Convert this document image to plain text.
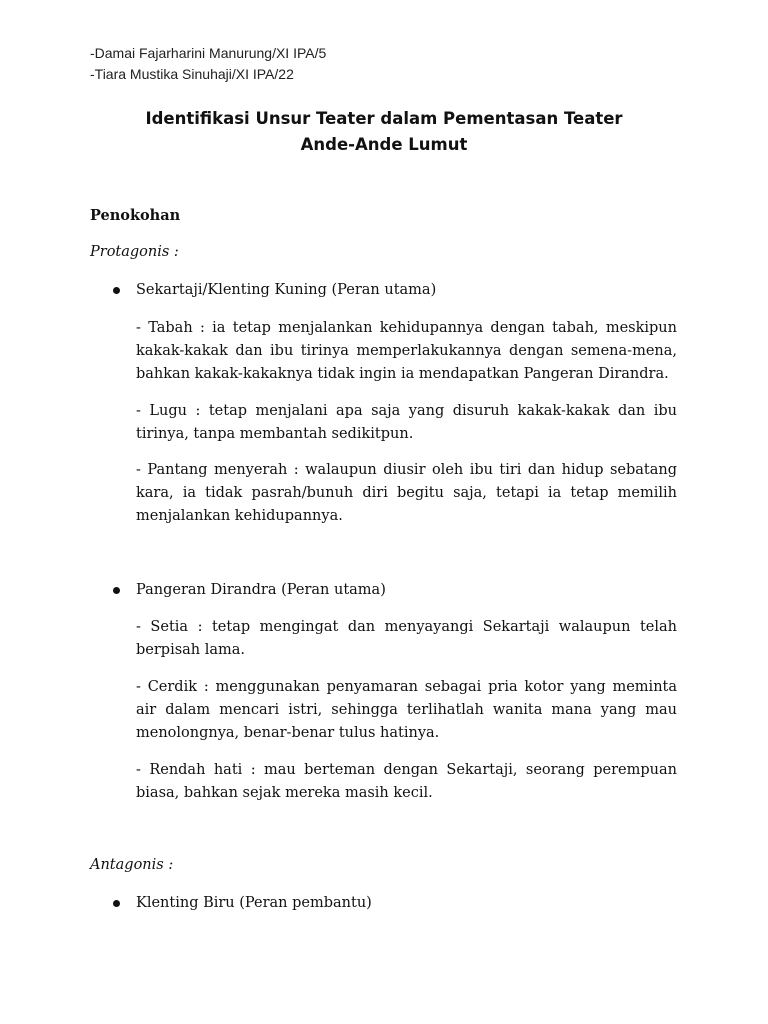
-Damai Fajarharini Manurung/XI IPA/5
-Tiara Mustika Sinuhaji/XI IPA/22
Identifikasi Unsur Teater dalam Pementasan Teater
Ande-Ande Lumut
Penokohan
Protagonis :
Sekartaji/Klenting Kuning (Peran utama)

- Tabah : ia tetap menjalankan kehidupannya dengan tabah, meskipun kakak-kakak dan ibu tirinya memperlakukannya dengan semena-mena, bahkan kakak-kakaknya tidak ingin ia mendapatkan Pangeran Dirandra.

- Lugu : tetap menjalani apa saja yang disuruh kakak-kakak dan ibu tirinya, tanpa membantah sedikitpun.

- Pantang menyerah : walaupun diusir oleh ibu tiri dan hidup sebatang kara, ia tidak pasrah/bunuh diri begitu saja, tetapi ia tetap memilih menjalankan kehidupannya.

Pangeran Dirandra (Peran utama)

- Setia : tetap mengingat dan menyayangi Sekartaji walaupun telah berpisah lama.

- Cerdik : menggunakan penyamaran sebagai pria kotor yang meminta air dalam mencari istri, sehingga terlihatlah wanita mana yang mau menolongnya, benar-benar tulus hatinya.

- Rendah hati : mau berteman dengan Sekartaji, seorang perempuan biasa, bahkan sejak mereka masih kecil.

Antagonis :
Klenting Biru (Peran pembantu)
